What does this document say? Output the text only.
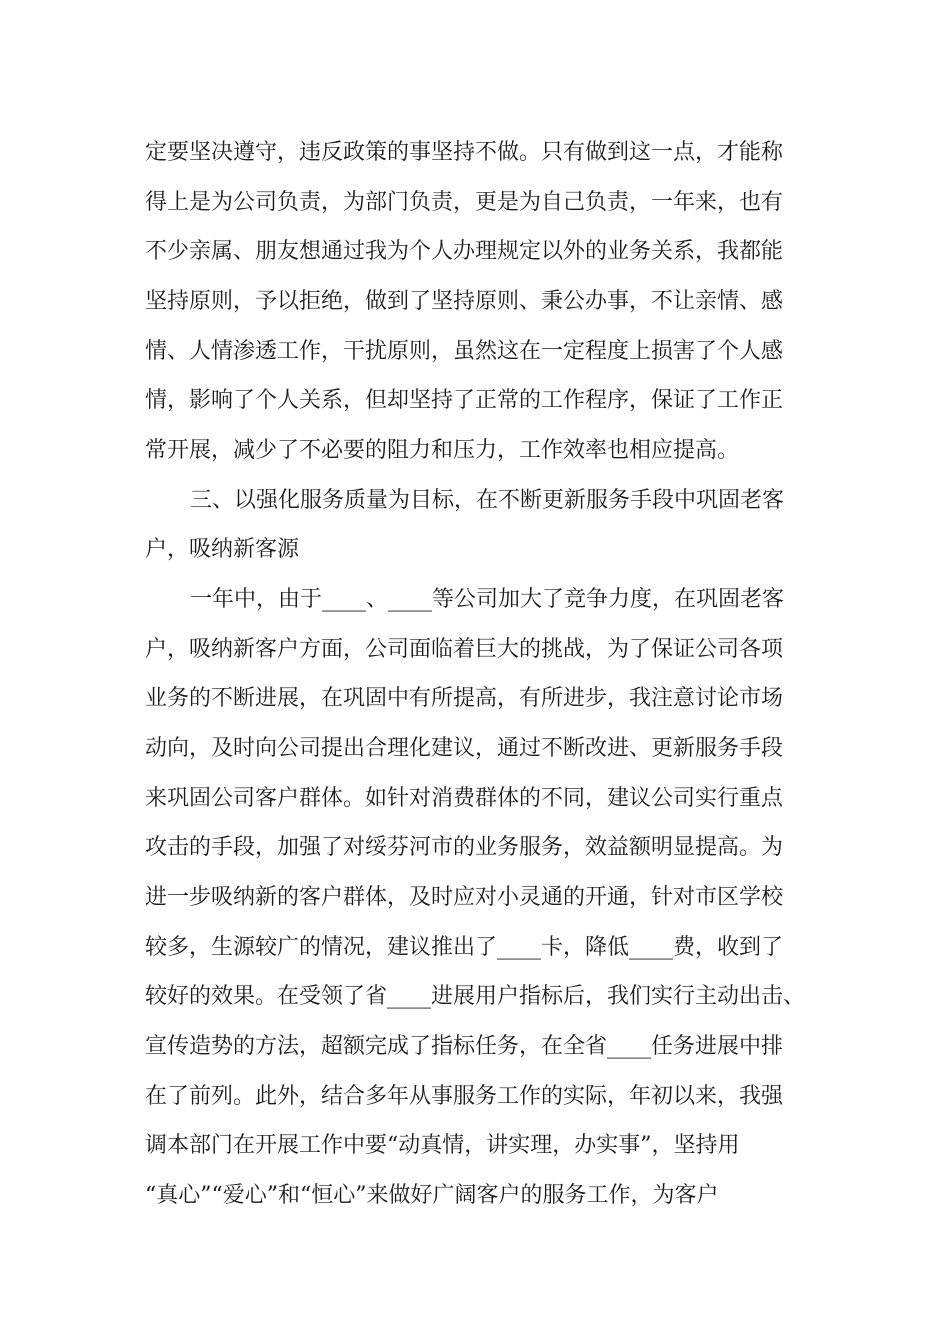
定要坚决遵守，违反政策的事坚持不做。只有做到这一点，才能称
得上是为公司负责，为部门负责，更是为自己负责，一年来，也有
不少亲属、朋友想通过我为个人办理规定以外的业务关系，我都能
坚持原则，予以拒绝，做到了坚持原则、秉公办事，不让亲情、感
情、人情渗透工作，干扰原则，虽然这在一定程度上损害了个人感
情，影响了个人关系，但却坚持了正常的工作程序，保证了工作正
常开展，减少了不必要的阻力和压力，工作效率也相应提高。
三、以强化服务质量为目标，在不断更新服务手段中巩固老客
户，吸纳新客源
一年中，由于____、____等公司加大了竞争力度，在巩固老客
户，吸纳新客户方面，公司面临着巨大的挑战，为了保证公司各项
业务的不断进展，在巩固中有所提高，有所进步，我注意讨论市场
动向，及时向公司提出合理化建议，通过不断改进、更新服务手段
来巩固公司客户群体。如针对消费群体的不同，建议公司实行重点
攻击的手段，加强了对绥芬河市的业务服务，效益额明显提高。为
进一步吸纳新的客户群体，及时应对小灵通的开通，针对市区学校
较多，生源较广的情况，建议推出了____卡，降低____费，收到了
较好的效果。在受领了省____进展用户指标后，我们实行主动出击、
宣传造势的方法，超额完成了指标任务，在全省____任务进展中排
在了前列。此外，结合多年从事服务工作的实际，年初以来，我强
调本部门在开展工作中要“动真情，讲实理，办实事”，坚持用
“真心”“爱心”和“恒心”来做好广阔客户的服务工作，为客户
